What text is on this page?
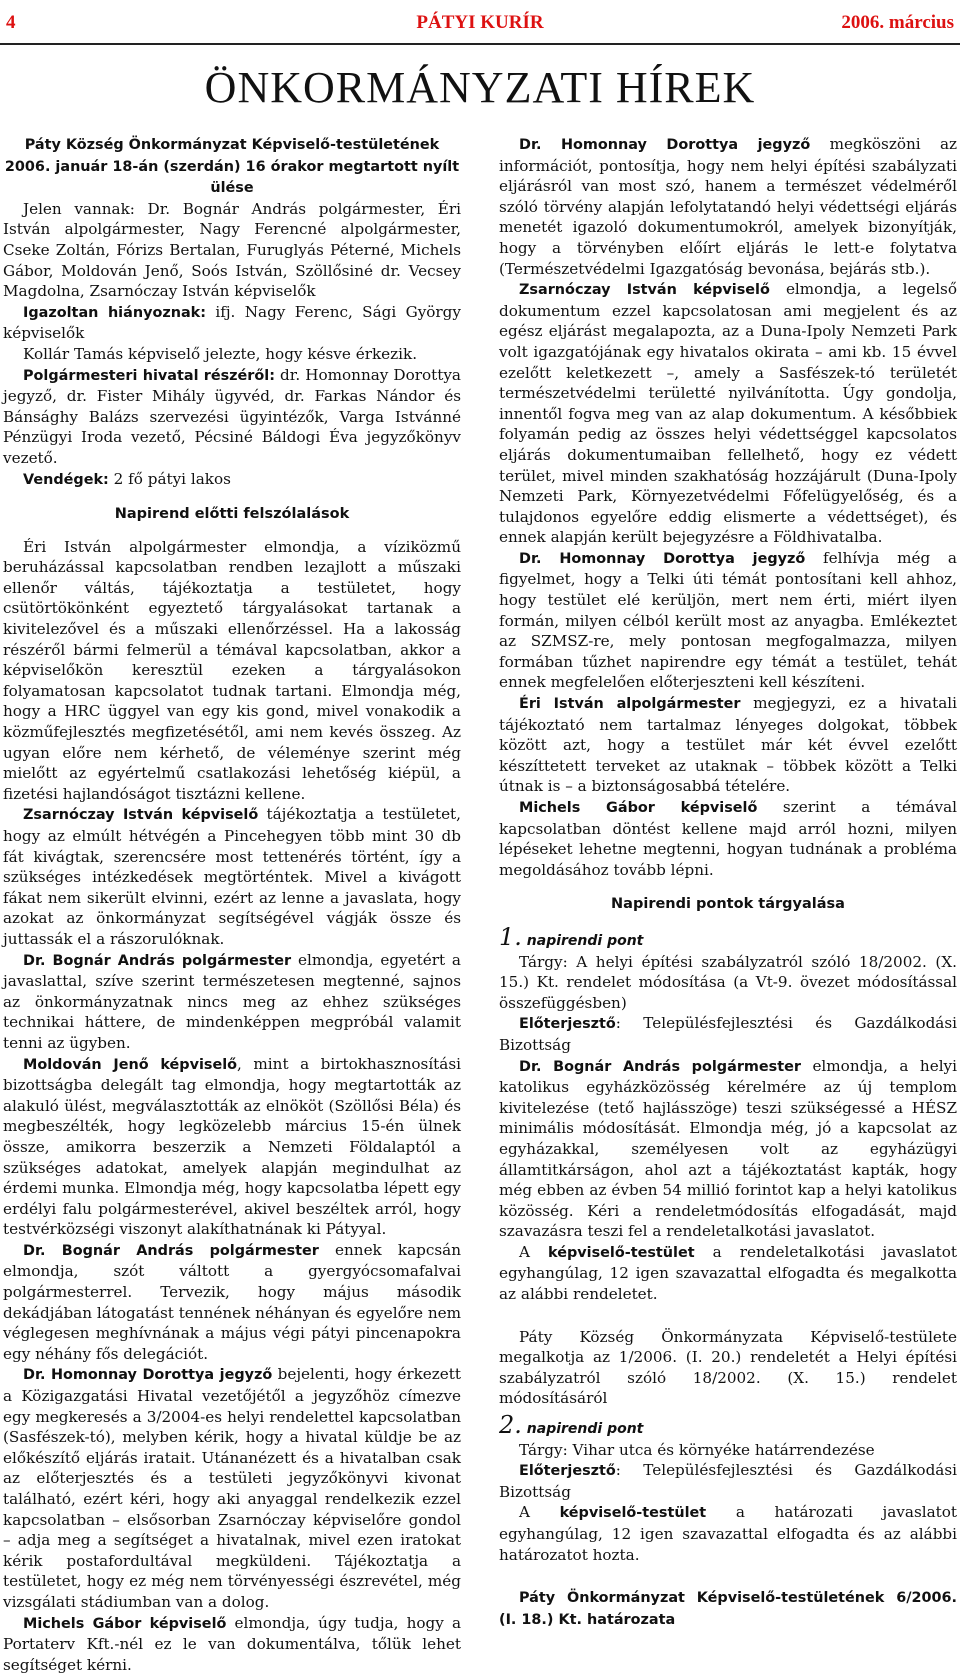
4	PÁTYI KURÍR	2006. március
ÖNKORMÁNYZATI HÍREK

Páty Község Önkormányzat Képviselő-testületének 2006. január 18-án (szerdán) 16 órakor megtartott nyílt ülése

Jelen vannak: Dr. Bognár András polgármester, Éri István alpolgármester, Nagy Ferencné alpolgármester, Cseke Zoltán, Fórizs Bertalan, Furuglyás Péterné, Michels Gábor, Moldován Jenő, Soós István, Szöllősiné dr. Vecsey Magdolna, Zsarnóczay István képviselők

Igazoltan hiányoznak: ifj. Nagy Ferenc, Sági György képviselők

Kollár Tamás képviselő jelezte, hogy késve érkezik.

Polgármesteri hivatal részéről: dr. Homonnay Dorottya jegyző, dr. Fister Mihály ügyvéd, dr. Farkas Nándor és Bánsághy Balázs szervezési ügyintézők, Varga Istvánné Pénzügyi Iroda vezető, Pécsiné Báldogi Éva jegyzőkönyv vezető.

Vendégek: 2 fő pátyi lakos

Napirend előtti felszólalások

Éri István alpolgármester elmondja, a víziközmű beruházással kapcsolatban rendben lezajlott a műszaki ellenőr váltás, tájékoztatja a testületet, hogy csütörtökönként egyeztető tárgyalásokat tartanak a kivitelezővel és a műszaki ellenőrzéssel. Ha a lakosság részéről bármi felmerül a témával kapcsolatban, akkor a képviselőkön keresztül ezeken a tárgyalásokon folyamatosan kapcsolatot tudnak tartani. Elmondja még, hogy a HRC üggyel van egy kis gond, mivel vonakodik a közműfejlesztés megfizetésétől, ami nem kevés összeg. Az ugyan előre nem kérhető, de véleménye szerint még mielőtt az egyértelmű csatlakozási lehetőség kiépül, a fizetési hajlandóságot tisztázni kellene.

Zsarnóczay István képviselő tájékoztatja a testületet, hogy az elmúlt hétvégén a Pincehegyen több mint 30 db fát kivágtak, szerencsére most tettenérés történt, így a szükséges intézkedések megtörténtek. Mivel a kivágott fákat nem sikerült elvinni, ezért az lenne a javaslata, hogy azokat az önkormányzat segítségével vágják össze és juttassák el a rászorulóknak.

Dr. Bognár András polgármester elmondja, egyetért a javaslattal, szíve szerint természetesen megtenné, sajnos az önkormányzatnak nincs meg az ehhez szükséges technikai háttere, de mindenképpen megpróbál valamit tenni az ügyben.

Moldován Jenő képviselő, mint a birtokhasznosítási bizottságba delegált tag elmondja, hogy megtartották az alakuló ülést, megválasztották az elnököt (Szöllősi Béla) és megbeszélték, hogy legközelebb március 15-én ülnek össze, amikorra beszerzik a Nemzeti Földalaptól a szükséges adatokat, amelyek alapján megindulhat az érdemi munka. Elmondja még, hogy kapcsolatba lépett egy erdélyi falu polgármesterével, akivel beszéltek arról, hogy testvérközségi viszonyt alakíthatnának ki Pátyyal.

Dr. Bognár András polgármester ennek kapcsán elmondja, szót váltott a gyergyócsomafalvai polgármesterrel. Tervezik, hogy május második dekádjában látogatást tennének néhányan és egyelőre nem véglegesen meghívnának a május végi pátyi pincenapokra egy néhány fős delegációt.

Dr. Homonnay Dorottya jegyző bejelenti, hogy érkezett a Közigazgatási Hivatal vezetőjétől a jegyzőhöz címezve egy megkeresés a 3/2004-es helyi rendelettel kapcsolatban (Sasfészek-tó), melyben kérik, hogy a hivatal küldje be az előkészítő eljárás iratait. Utánanézett és a hivatalban csak az előterjesztés és a testületi jegyzőkönyvi kivonat található, ezért kéri, hogy aki anyaggal rendelkezik ezzel kapcsolatban – elsősorban Zsarnóczay képviselőre gondol – adja meg a segítséget a hivatalnak, mivel ezen iratokat kérik postafordultával megküldeni. Tájékoztatja a testületet, hogy ez még nem törvényességi észrevétel, még vizsgálati stádiumban van a dolog.

Michels Gábor képviselő elmondja, úgy tudja, hogy a Portaterv Kft.-nél ez le van dokumentálva, tőlük lehet segítséget kérni.

Dr. Homonnay Dorottya jegyző megköszöni az információt, pontosítja, hogy nem helyi építési szabályzati eljárásról van most szó, hanem a természet védelméről szóló törvény alapján lefolytatandó helyi védettségi eljárás menetét igazoló dokumentumokról, amelyek bizonyítják, hogy a törvényben előírt eljárás le lett-e folytatva (Természetvédelmi Igazgatóság bevonása, bejárás stb.).

Zsarnóczay István képviselő elmondja, a legelső dokumentum ezzel kapcsolatosan ami megjelent és az egész eljárást megalapozta, az a Duna-Ipoly Nemzeti Park volt igazgatójának egy hivatalos okirata – ami kb. 15 évvel ezelőtt keletkezett –, amely a Sasfészek-tó területét természetvédelmi területté nyilvánította. Úgy gondolja, innentől fogva meg van az alap dokumentum. A későbbiek folyamán pedig az összes helyi védettséggel kapcsolatos eljárás dokumentumaiban fellelhető, hogy ez védett terület, mivel minden szakhatóság hozzájárult (Duna-Ipoly Nemzeti Park, Környezetvédelmi Főfelügyelőség, és a tulajdonos egyelőre eddig elismerte a védettséget), és ennek alapján került bejegyzésre a Földhivatalba.

Dr. Homonnay Dorottya jegyző felhívja még a figyelmet, hogy a Telki úti témát pontosítani kell ahhoz, hogy testület elé kerüljön, mert nem érti, miért ilyen formán, milyen célból került most az anyagba. Emlékeztet az SZMSZ-re, mely pontosan megfogalmazza, milyen formában tűzhet napirendre egy témát a testület, tehát ennek megfelelően előterjeszteni kell készíteni.

Éri István alpolgármester megjegyzi, ez a hivatali tájékoztató nem tartalmaz lényeges dolgokat, többek között azt, hogy a testület már két évvel ezelőtt készíttetett terveket az utaknak – többek között a Telki útnak is – a biztonságosabbá tételére.

Michels Gábor képviselő szerint a témával kapcsolatban döntést kellene majd arról hozni, milyen lépéseket lehetne megtenni, hogyan tudnának a probléma megoldásához tovább lépni.

Napirendi pontok tárgyalása

1. napirendi pont

Tárgy: A helyi építési szabályzatról szóló 18/2002. (X. 15.) Kt. rendelet módosítása (a Vt-9. övezet módosítással összefüggésben)

Előterjesztő: Településfejlesztési és Gazdálkodási Bizottság

Dr. Bognár András polgármester elmondja, a helyi katolikus egyházközösség kérelmére az új templom kivitelezése (tető hajlásszöge) teszi szükségessé a HÉSZ minimális módosítását. Elmondja még, jó a kapcsolat az egyházakkal, személyesen volt az egyházügyi államtitkárságon, ahol azt a tájékoztatást kapták, hogy még ebben az évben 54 millió forintot kap a helyi katolikus közösség. Kéri a rendeletmódosítás elfogadását, majd szavazásra teszi fel a rendeletalkotási javaslatot.

A képviselő-testület a rendeletalkotási javaslatot egyhangúlag, 12 igen szavazattal elfogadta és megalkotta az alábbi rendeletet.

Páty Község Önkormányzata Képviselő-testülete megalkotja az 1/2006. (I. 20.) rendeletét a Helyi építési szabályzatról szóló 18/2002. (X. 15.) rendelet módosításáról

2. napirendi pont

Tárgy: Vihar utca és környéke határrendezése

Előterjesztő: Településfejlesztési és Gazdálkodási Bizottság

A képviselő-testület a határozati javaslatot egyhangúlag, 12 igen szavazattal elfogadta és az alábbi határozatot hozta.

Páty Önkormányzat Képviselő-testületének 6/2006. (I. 18.) Kt. határozata
